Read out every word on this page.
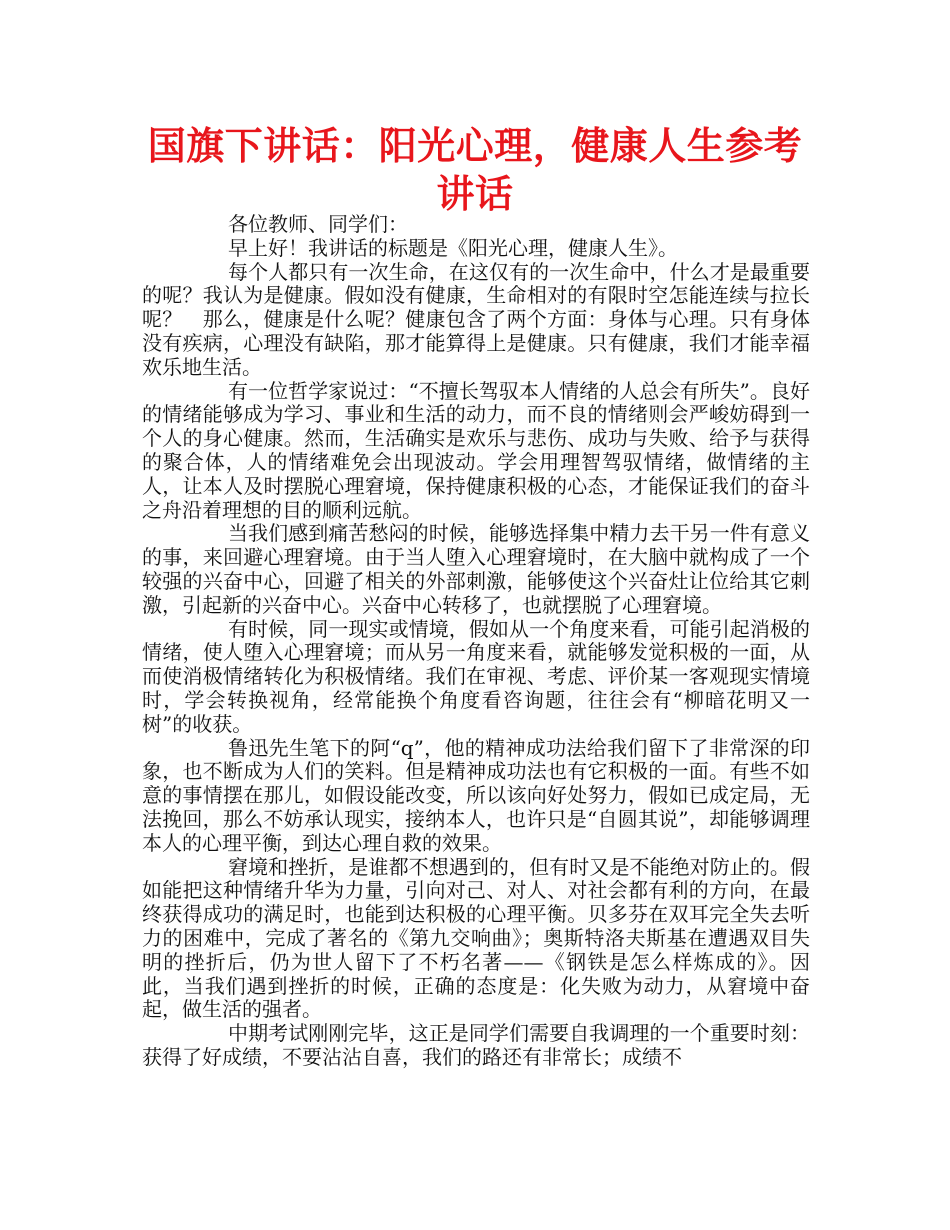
国旗下讲话：阳光心理，健康人生参考讲话

各位教师、同学们：

早上好！我讲话的标题是《阳光心理，健康人生》。

每个人都只有一次生命，在这仅有的一次生命中，什么才是最重要的呢？我认为是健康。假如没有健康，生命相对的有限时空怎能连续与拉长呢？　那么，健康是什么呢？健康包含了两个方面：身体与心理。只有身体没有疾病，心理没有缺陷，那才能算得上是健康。只有健康，我们才能幸福欢乐地生活。

有一位哲学家说过：“不擅长驾驭本人情绪的人总会有所失”。良好的情绪能够成为学习、事业和生活的动力，而不良的情绪则会严峻妨碍到一个人的身心健康。然而，生活确实是欢乐与悲伤、成功与失败、给予与获得的聚合体，人的情绪难免会出现波动。学会用理智驾驭情绪，做情绪的主人，让本人及时摆脱心理窘境，保持健康积极的心态，才能保证我们的奋斗之舟沿着理想的目的顺利远航。

当我们感到痛苦愁闷的时候，能够选择集中精力去干另一件有意义的事，来回避心理窘境。由于当人堕入心理窘境时，在大脑中就构成了一个较强的兴奋中心，回避了相关的外部刺激，能够使这个兴奋灶让位给其它刺激，引起新的兴奋中心。兴奋中心转移了，也就摆脱了心理窘境。

有时候，同一现实或情境，假如从一个角度来看，可能引起消极的情绪，使人堕入心理窘境；而从另一角度来看，就能够发觉积极的一面，从而使消极情绪转化为积极情绪。我们在审视、考虑、评价某一客观现实情境时，学会转换视角，经常能换个角度看咨询题，往往会有“柳暗花明又一树”的收获。

鲁迅先生笔下的阿“q”，他的精神成功法给我们留下了非常深的印象，也不断成为人们的笑料。但是精神成功法也有它积极的一面。有些不如意的事情摆在那儿，如假设能改变，所以该向好处努力，假如已成定局，无法挽回，那么不妨承认现实，接纳本人，也许只是“自圆其说”，却能够调理本人的心理平衡，到达心理自救的效果。

窘境和挫折，是谁都不想遇到的，但有时又是不能绝对防止的。假如能把这种情绪升华为力量，引向对己、对人、对社会都有利的方向，在最终获得成功的满足时，也能到达积极的心理平衡。贝多芬在双耳完全失去听力的困难中，完成了著名的《第九交响曲》；奥斯特洛夫斯基在遭遇双目失明的挫折后，仍为世人留下了不朽名著——《钢铁是怎么样炼成的》。因此，当我们遇到挫折的时候，正确的态度是：化失败为动力，从窘境中奋起，做生活的强者。

中期考试刚刚完毕，这正是同学们需要自我调理的一个重要时刻：获得了好成绩，不要沾沾自喜，我们的路还有非常长；成绩不
